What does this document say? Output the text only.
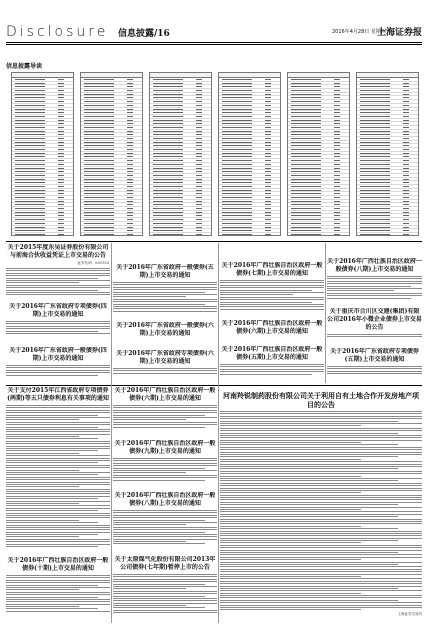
Disclosure 信息披露/16	2016年4月28日 星期四
上海证券报
信息披露导读
关于2015年度东吴证券股份有限公司与前海合伙收益凭证上市交易的公告
证券代码：601555
关于2016年广东省政府专项债券(四期)上市交易的通知
关于2016年广东省政府一般债券(四期)上市交易的通知
关于2016年广东省政府一般债券(五期)上市交易的通知
关于2016年广东省政府一般债券(六期)上市交易的通知
关于2016年广东省政府专项债券(六期)上市交易的通知
关于2016年广西壮族自治区政府一般债券(七期)上市交易的通知
关于2016年广西壮族自治区政府一般债券(六期)上市交易的通知
关于2016年广西壮族自治区政府一般债券(五期)上市交易的通知
关于2016年广西壮族自治区政府一般债券(八期)上市交易的通知
关于重庆市合川区交建(集团)有限公司2016年小微企业债券上市交易的公告
关于2016年广东省政府专项债券(五期)上市交易的通知
关于支付2015年江西省政府专项债券(两期)等五只债券利息有关事项的通知
关于2016年广西壮族自治区政府一般债券(十期)上市交易的通知
关于2016年广西壮族自治区政府一般债券(六期)上市交易的通知
关于2016年广西壮族自治区政府一般债券(九期)上市交易的通知
关于2016年广西壮族自治区政府一般债券(八期)上市交易的通知
关于太原煤气化股份有限公司2013年公司债券(七年期)暂停上市的公告
河南羚锐制药股份有限公司关于利用自有土地合作开发房地产项目的公告
上海证券交易所
